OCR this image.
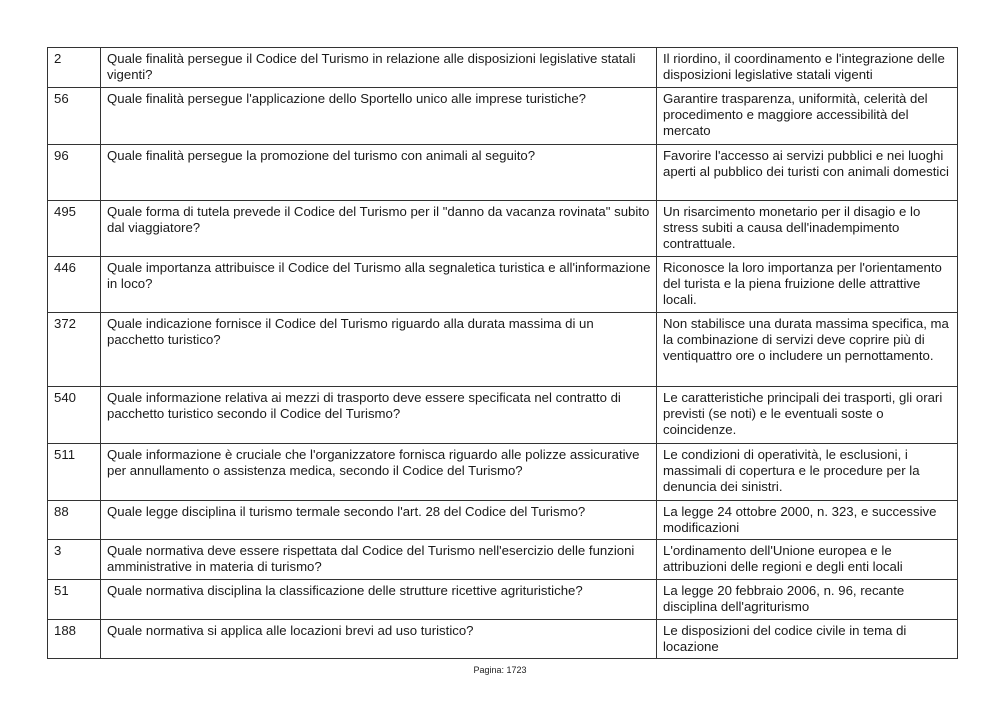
2	Quale finalità persegue il Codice del Turismo in relazione alle disposizioni legislative statali vigenti?	Il riordino, il coordinamento e l'integrazione delle disposizioni legislative statali vigenti
56	Quale finalità persegue l'applicazione dello Sportello unico alle imprese turistiche?	Garantire trasparenza, uniformità, celerità del procedimento e maggiore accessibilità del mercato
96	Quale finalità persegue la promozione del turismo con animali al seguito?	Favorire l'accesso ai servizi pubblici e nei luoghi aperti al pubblico dei turisti con animali domestici
495	Quale forma di tutela prevede il Codice del Turismo per il "danno da vacanza rovinata" subito dal viaggiatore?	Un risarcimento monetario per il disagio e lo stress subiti a causa dell'inadempimento contrattuale.
446	Quale importanza attribuisce il Codice del Turismo alla segnaletica turistica e all'informazione in loco?	Riconosce la loro importanza per l'orientamento del turista e la piena fruizione delle attrattive locali.
372	Quale indicazione fornisce il Codice del Turismo riguardo alla durata massima di un pacchetto turistico?	Non stabilisce una durata massima specifica, ma la combinazione di servizi deve coprire più di ventiquattro ore o includere un pernottamento.
540	Quale informazione relativa ai mezzi di trasporto deve essere specificata nel contratto di pacchetto turistico secondo il Codice del Turismo?	Le caratteristiche principali dei trasporti, gli orari previsti (se noti) e le eventuali soste o coincidenze.
511	Quale informazione è cruciale che l'organizzatore fornisca riguardo alle polizze assicurative per annullamento o assistenza medica, secondo il Codice del Turismo?	Le condizioni di operatività, le esclusioni, i massimali di copertura e le procedure per la denuncia dei sinistri.
88	Quale legge disciplina il turismo termale secondo l'art. 28 del Codice del Turismo?	La legge 24 ottobre 2000, n. 323, e successive modificazioni
3	Quale normativa deve essere rispettata dal Codice del Turismo nell'esercizio delle funzioni amministrative in materia di turismo?	L'ordinamento dell'Unione europea e le attribuzioni delle regioni e degli enti locali
51	Quale normativa disciplina la classificazione delle strutture ricettive agrituristiche?	La legge 20 febbraio 2006, n. 96, recante disciplina dell'agriturismo
188	Quale normativa si applica alle locazioni brevi ad uso turistico?	Le disposizioni del codice civile in tema di locazione
Pagina: 1723
